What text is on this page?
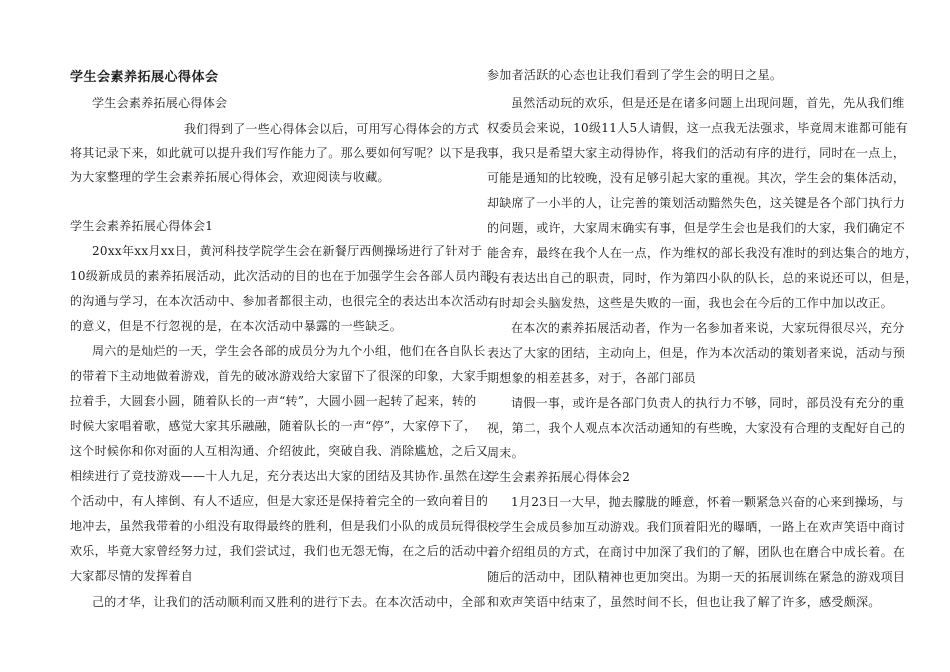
学生会素养拓展心得体会
学生会素养拓展心得体会
我们得到了一些心得体会以后，可用写心得体会的方式
将其记录下来，如此就可以提升我们写作能力了。那么要如何写呢？以下是我
为大家整理的学生会素养拓展心得体会，欢迎阅读与收藏。
学生会素养拓展心得体会1
20xx年xx月xx日，黄河科技学院学生会在新餐厅西侧操场进行了针对于
10级新成员的素养拓展活动，此次活动的目的也在于加强学生会各部人员内部
的沟通与学习，在本次活动中、参加者都很主动，也很完全的表达出本次活动
的意义，但是不行忽视的是，在本次活动中暴露的一些缺乏。
周六的是灿烂的一天，学生会各部的成员分为九个小组，他们在各自队长
的带着下主动地做着游戏，首先的破冰游戏给大家留下了很深的印象，大家手
拉着手，大圆套小圆，随着队长的一声“转”，大圆小圆一起转了起来，转的
时候大家唱着歌，感觉大家其乐融融，随着队长的一声“停”，大家停下了，
这个时候你和你对面的人互相沟通、介绍彼此，突破自我、消除尴尬，之后又
相续进行了竞技游戏——十人九足，充分表达出大家的团结及其协作.虽然在这
个活动中，有人摔倒、有人不适应，但是大家还是保持着完全的一致向着目的
地冲去，虽然我带着的小组没有取得最终的胜利，但是我们小队的成员玩得很
欢乐，毕竟大家曾经努力过，我们尝试过，我们也无怨无悔，在之后的活动中，
大家都尽情的发挥着自
己的才华，让我们的活动顺利而又胜利的进行下去。在本次活动中，全部
参加者活跃的心态也让我们看到了学生会的明日之星。
虽然活动玩的欢乐，但是还是在诸多问题上出现问题，首先，先从我们维
权委员会来说，10级11人5人请假，这一点我无法强求，毕竟周末谁都可能有
事，我只是希望大家主动得协作，将我们的活动有序的进行，同时在一点上，
可能是通知的比较晚，没有足够引起大家的重视。其次，学生会的集体活动，
却缺席了一小半的人，让完善的策划活动黯然失色，这关键是各个部门执行力
的问题，或许，大家周末确实有事，但是学生会也是我们的大家，我们确定不
能舍弃，最终在我个人在一点，作为维权的部长我没有准时的到达集合的地方，
没有表达出自己的职责，同时，作为第四小队的队长，总的来说还可以，但是，
有时却会头脑发热，这些是失败的一面，我也会在今后的工作中加以改正。
在本次的素养拓展活动者，作为一名参加者来说，大家玩得很尽兴，充分
表达了大家的团结，主动向上，但是，作为本次活动的策划者来说，活动与预
期想象的相差甚多，对于，各部门部员
请假一事，或许是各部门负责人的执行力不够，同时，部员没有充分的重
视，第二，我个人观点本次活动通知的有些晚，大家没有合理的支配好自己的
周末。
学生会素养拓展心得体会2
1月23日一大早，抛去朦胧的睡意，怀着一颗紧急兴奋的心来到操场，与
校学生会成员参加互动游戏。我们顶着阳光的曝晒，一路上在欢声笑语中商讨
着介绍组员的方式，在商讨中加深了我们的了解，团队也在磨合中成长着。在
随后的活动中，团队精神也更加突出。为期一天的拓展训练在紧急的游戏项目
和欢声笑语中结束了，虽然时间不长，但也让我了解了许多，感受颇深。
